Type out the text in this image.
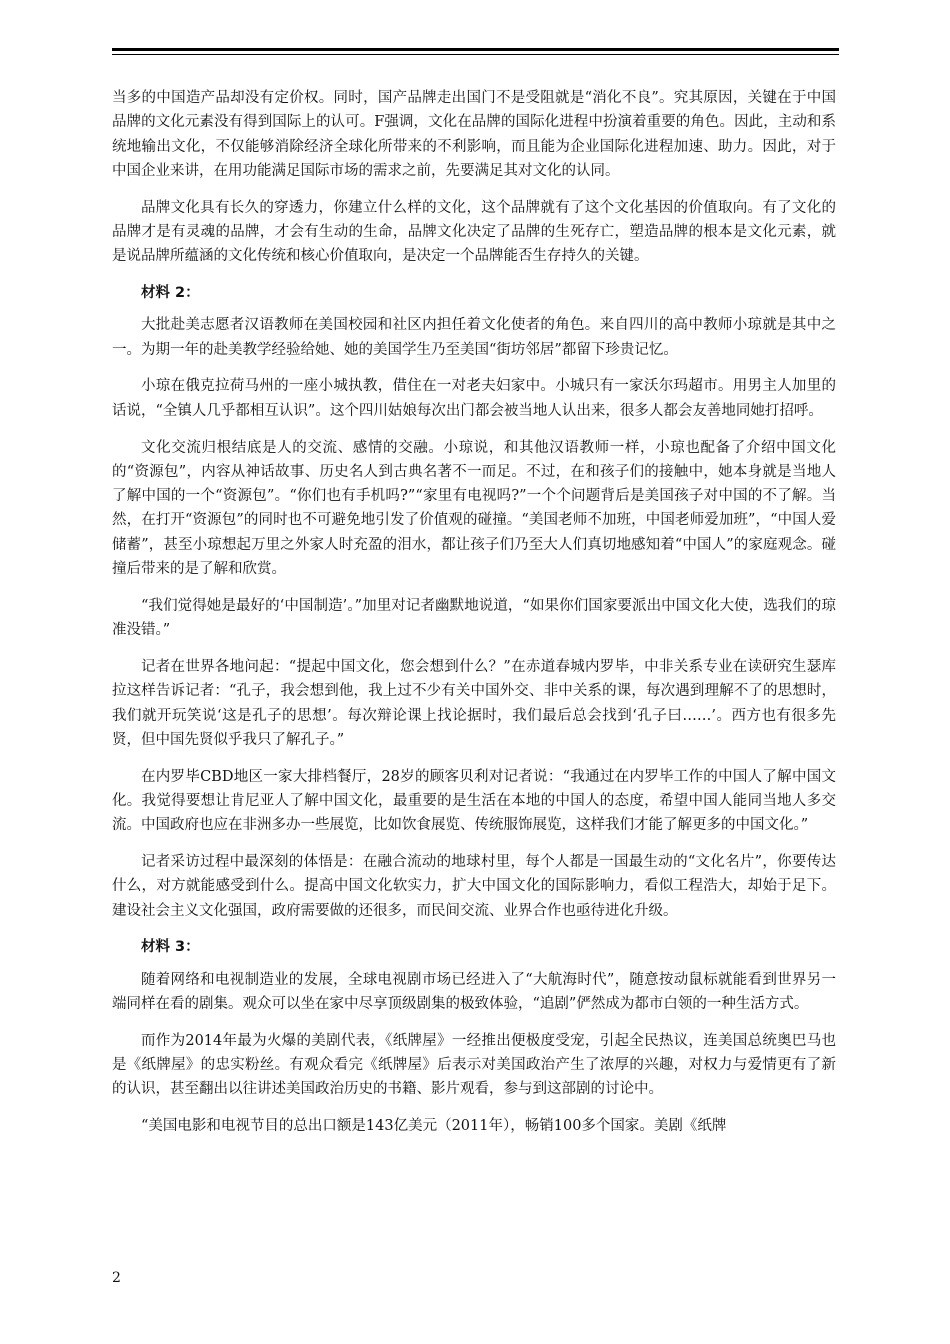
当多的中国造产品却没有定价权。同时，国产品牌走出国门不是受阻就是“消化不良”。究其原因，关键在于中国品牌的文化元素没有得到国际上的认可。F强调，文化在品牌的国际化进程中扮演着重要的角色。因此，主动和系统地输出文化，不仅能够消除经济全球化所带来的不利影响，而且能为企业国际化进程加速、助力。因此，对于中国企业来讲，在用功能满足国际市场的需求之前，先要满足其对文化的认同。

品牌文化具有长久的穿透力，你建立什么样的文化，这个品牌就有了这个文化基因的价值取向。有了文化的品牌才是有灵魂的品牌，才会有生动的生命，品牌文化决定了品牌的生死存亡，塑造品牌的根本是文化元素，就是说品牌所蕴涵的文化传统和核心价值取向，是决定一个品牌能否生存持久的关键。

材料 2：

大批赴美志愿者汉语教师在美国校园和社区内担任着文化使者的角色。来自四川的高中教师小琼就是其中之一。为期一年的赴美教学经验给她、她的美国学生乃至美国“街坊邻居”都留下珍贵记忆。

小琼在俄克拉荷马州的一座小城执教，借住在一对老夫妇家中。小城只有一家沃尔玛超市。用男主人加里的话说，“全镇人几乎都相互认识”。这个四川姑娘每次出门都会被当地人认出来，很多人都会友善地同她打招呼。

文化交流归根结底是人的交流、感情的交融。小琼说，和其他汉语教师一样，小琼也配备了介绍中国文化的“资源包”，内容从神话故事、历史名人到古典名著不一而足。不过，在和孩子们的接触中，她本身就是当地人了解中国的一个“资源包”。“你们也有手机吗?”“家里有电视吗?”一个个问题背后是美国孩子对中国的不了解。当然，在打开“资源包”的同时也不可避免地引发了价值观的碰撞。“美国老师不加班，中国老师爱加班”，“中国人爱储蓄”，甚至小琼想起万里之外家人时充盈的泪水，都让孩子们乃至大人们真切地感知着“中国人”的家庭观念。碰撞后带来的是了解和欣赏。

“我们觉得她是最好的‘中国制造’。”加里对记者幽默地说道，“如果你们国家要派出中国文化大使，选我们的琼准没错。”

记者在世界各地问起：“提起中国文化，您会想到什么？”在赤道春城内罗毕，中非关系专业在读研究生瑟库拉这样告诉记者：“孔子，我会想到他，我上过不少有关中国外交、非中关系的课，每次遇到理解不了的思想时，我们就开玩笑说‘这是孔子的思想’。每次辩论课上找论据时，我们最后总会找到‘孔子曰……’。西方也有很多先贤，但中国先贤似乎我只了解孔子。”

在内罗毕CBD地区一家大排档餐厅，28岁的顾客贝利对记者说：“我通过在内罗毕工作的中国人了解中国文化。我觉得要想让肯尼亚人了解中国文化，最重要的是生活在本地的中国人的态度，希望中国人能同当地人多交流。中国政府也应在非洲多办一些展览，比如饮食展览、传统服饰展览，这样我们才能了解更多的中国文化。”

记者采访过程中最深刻的体悟是：在融合流动的地球村里，每个人都是一国最生动的“文化名片”，你要传达什么，对方就能感受到什么。提高中国文化软实力，扩大中国文化的国际影响力，看似工程浩大，却始于足下。建设社会主义文化强国，政府需要做的还很多，而民间交流、业界合作也亟待进化升级。

材料 3：

随着网络和电视制造业的发展，全球电视剧市场已经进入了“大航海时代”，随意按动鼠标就能看到世界另一端同样在看的剧集。观众可以坐在家中尽享顶级剧集的极致体验，“追剧”俨然成为都市白领的一种生活方式。

而作为2014年最为火爆的美剧代表，《纸牌屋》一经推出便极度受宠，引起全民热议，连美国总统奥巴马也是《纸牌屋》的忠实粉丝。有观众看完《纸牌屋》后表示对美国政治产生了浓厚的兴趣，对权力与爱情更有了新的认识，甚至翻出以往讲述美国政治历史的书籍、影片观看，参与到这部剧的讨论中。

“美国电影和电视节目的总出口额是143亿美元（2011年），畅销100多个国家。美剧《纸牌

2
